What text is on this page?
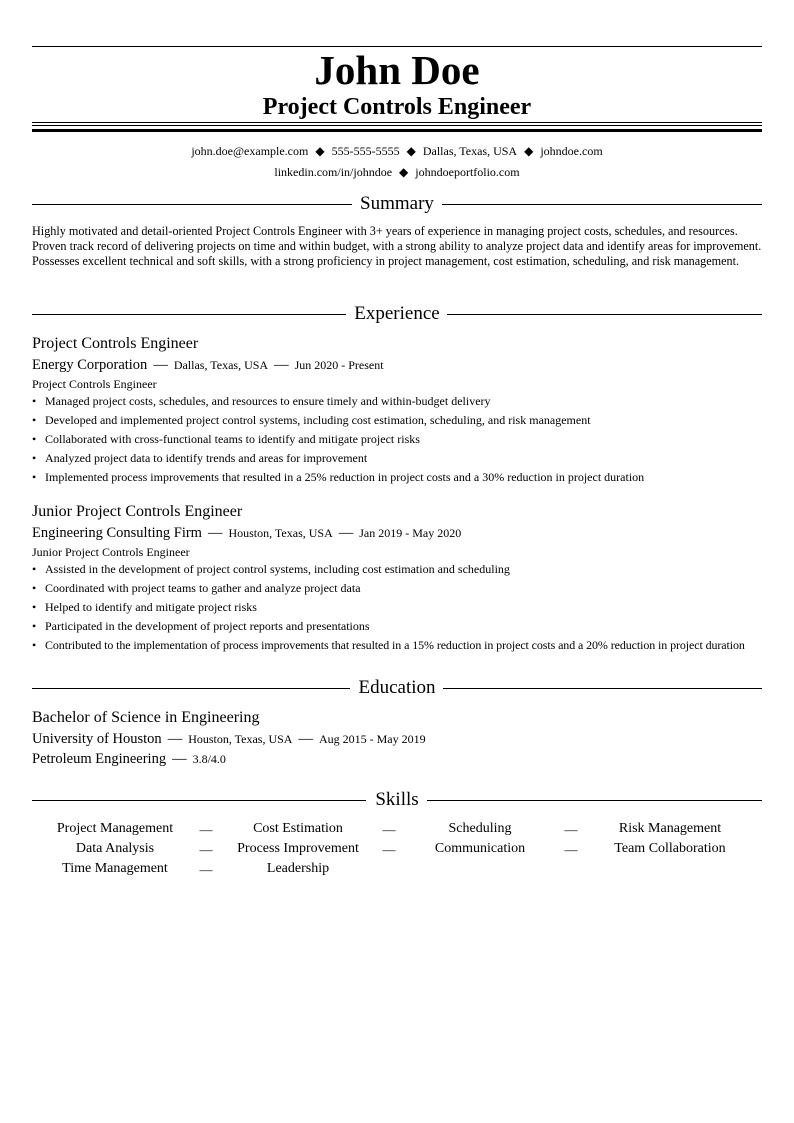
John Doe
Project Controls Engineer
john.doe@example.com ◆ 555-555-5555 ◆ Dallas, Texas, USA ◆ johndoe.com
linkedin.com/in/johndoe ◆ johndoeportfolio.com
Summary
Highly motivated and detail-oriented Project Controls Engineer with 3+ years of experience in managing project costs, schedules, and resources. Proven track record of delivering projects on time and within budget, with a strong ability to analyze project data and identify areas for improvement. Possesses excellent technical and soft skills, with a strong proficiency in project management, cost estimation, scheduling, and risk management.
Experience
Project Controls Engineer
Energy Corporation — Dallas, Texas, USA — Jun 2020 - Present
Project Controls Engineer
• Managed project costs, schedules, and resources to ensure timely and within-budget delivery
• Developed and implemented project control systems, including cost estimation, scheduling, and risk management
• Collaborated with cross-functional teams to identify and mitigate project risks
• Analyzed project data to identify trends and areas for improvement
• Implemented process improvements that resulted in a 25% reduction in project costs and a 30% reduction in project duration
Junior Project Controls Engineer
Engineering Consulting Firm — Houston, Texas, USA — Jan 2019 - May 2020
Junior Project Controls Engineer
• Assisted in the development of project control systems, including cost estimation and scheduling
• Coordinated with project teams to gather and analyze project data
• Helped to identify and mitigate project risks
• Participated in the development of project reports and presentations
• Contributed to the implementation of process improvements that resulted in a 15% reduction in project costs and a 20% reduction in project duration
Education
Bachelor of Science in Engineering
University of Houston — Houston, Texas, USA — Aug 2015 - May 2019
Petroleum Engineering — 3.8/4.0
Skills
Project Management	—	Cost Estimation	—	Scheduling	—	Risk Management
Data Analysis	—	Process Improvement	—	Communication	—	Team Collaboration
Time Management	—	Leadership
